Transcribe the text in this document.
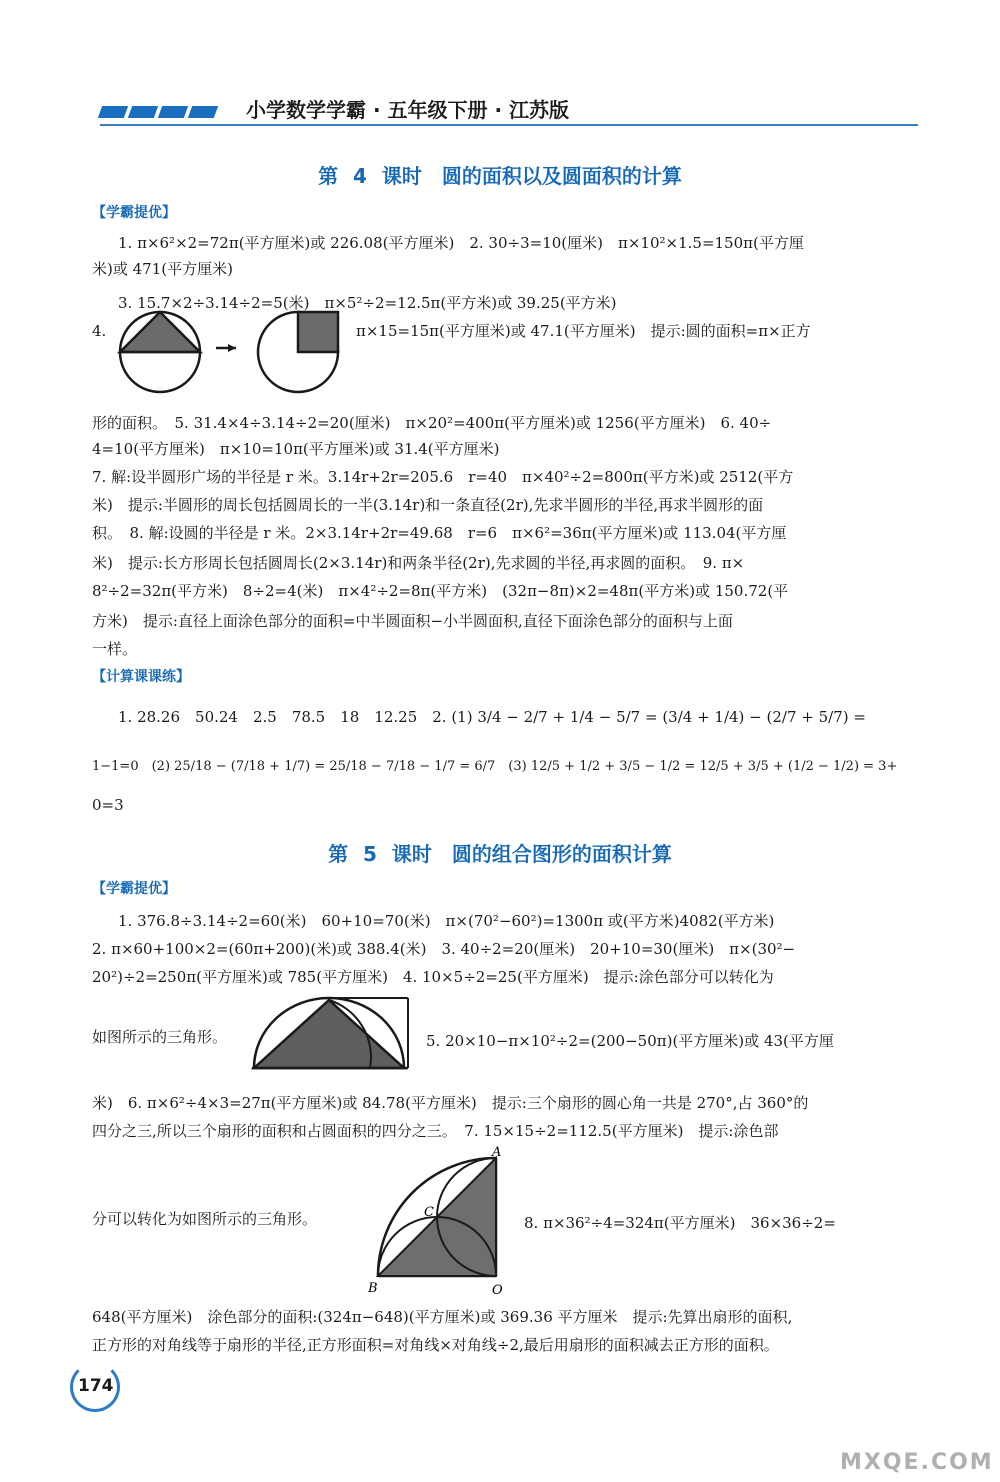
小学数学学霸 · 五年级下册 · 江苏版
第 4 课时　圆的面积以及圆面积的计算
【学霸提优】
1. π×6²×2=72π(平方厘米)或 226.08(平方厘米)　2. 30÷3=10(厘米)　π×10²×1.5=150π(平方厘
米)或 471(平方厘米)
3. 15.7×2÷3.14÷2=5(米)　π×5²÷2=12.5π(平方米)或 39.25(平方米)
4.	π×15=15π(平方厘米)或 47.1(平方厘米)　提示:圆的面积=π×正方
形的面积。　5. 31.4×4÷3.14÷2=20(厘米)　π×20²=400π(平方厘米)或 1256(平方厘米)　6. 40÷
4=10(平方厘米)　π×10=10π(平方厘米)或 31.4(平方厘米)
7. 解:设半圆形广场的半径是 r 米。3.14r+2r=205.6　r=40　π×40²÷2=800π(平方米)或 2512(平方
米)　提示:半圆形的周长包括圆周长的一半(3.14r)和一条直径(2r),先求半圆形的半径,再求半圆形的面
积。　8. 解:设圆的半径是 r 米。2×3.14r+2r=49.68　r=6　π×6²=36π(平方厘米)或 113.04(平方厘
米)　提示:长方形周长包括圆周长(2×3.14r)和两条半径(2r),先求圆的半径,再求圆的面积。　9. π×
8²÷2=32π(平方米)　8÷2=4(米)　π×4²÷2=8π(平方米)　(32π−8π)×2=48π(平方米)或 150.72(平
方米)　提示:直径上面涂色部分的面积=中半圆面积−小半圆面积,直径下面涂色部分的面积与上面
一样。
【计算课课练】
1. 28.26　50.24　2.5　78.5　18　12.25　2. (1) 3/4 − 2/7 + 1/4 − 5/7 = (3/4 + 1/4) − (2/7 + 5/7) =
1−1=0　(2) 25/18 − (7/18 + 1/7) = 25/18 − 7/18 − 1/7 = 6/7　(3) 12/5 + 1/2 + 3/5 − 1/2 = 12/5 + 3/5 + (1/2 − 1/2) = 3+
0=3
第 5 课时　圆的组合图形的面积计算
【学霸提优】
1. 376.8÷3.14÷2=60(米)　60+10=70(米)　π×(70²−60²)=1300π 或(平方米)4082(平方米)
2. π×60+100×2=(60π+200)(米)或 388.4(米)　3. 40÷2=20(厘米)　20+10=30(厘米)　π×(30²−
20²)÷2=250π(平方厘米)或 785(平方厘米)　4. 10×5÷2=25(平方厘米)　提示:涂色部分可以转化为
如图所示的三角形。	5. 20×10−π×10²÷2=(200−50π)(平方厘米)或 43(平方厘
米)　6. π×6²÷4×3=27π(平方厘米)或 84.78(平方厘米)　提示:三个扇形的圆心角一共是 270°,占 360°的
四分之三,所以三个扇形的面积和占圆面积的四分之三。　7. 15×15÷2=112.5(平方厘米)　提示:涂色部
分可以转化为如图所示的三角形。
A
B
C
O
8. π×36²÷4=324π(平方厘米)　36×36÷2=
648(平方厘米)　涂色部分的面积:(324π−648)(平方厘米)或 369.36 平方厘米　提示:先算出扇形的面积,
正方形的对角线等于扇形的半径,正方形面积=对角线×对角线÷2,最后用扇形的面积减去正方形的面积。
174
MXQE.COM
